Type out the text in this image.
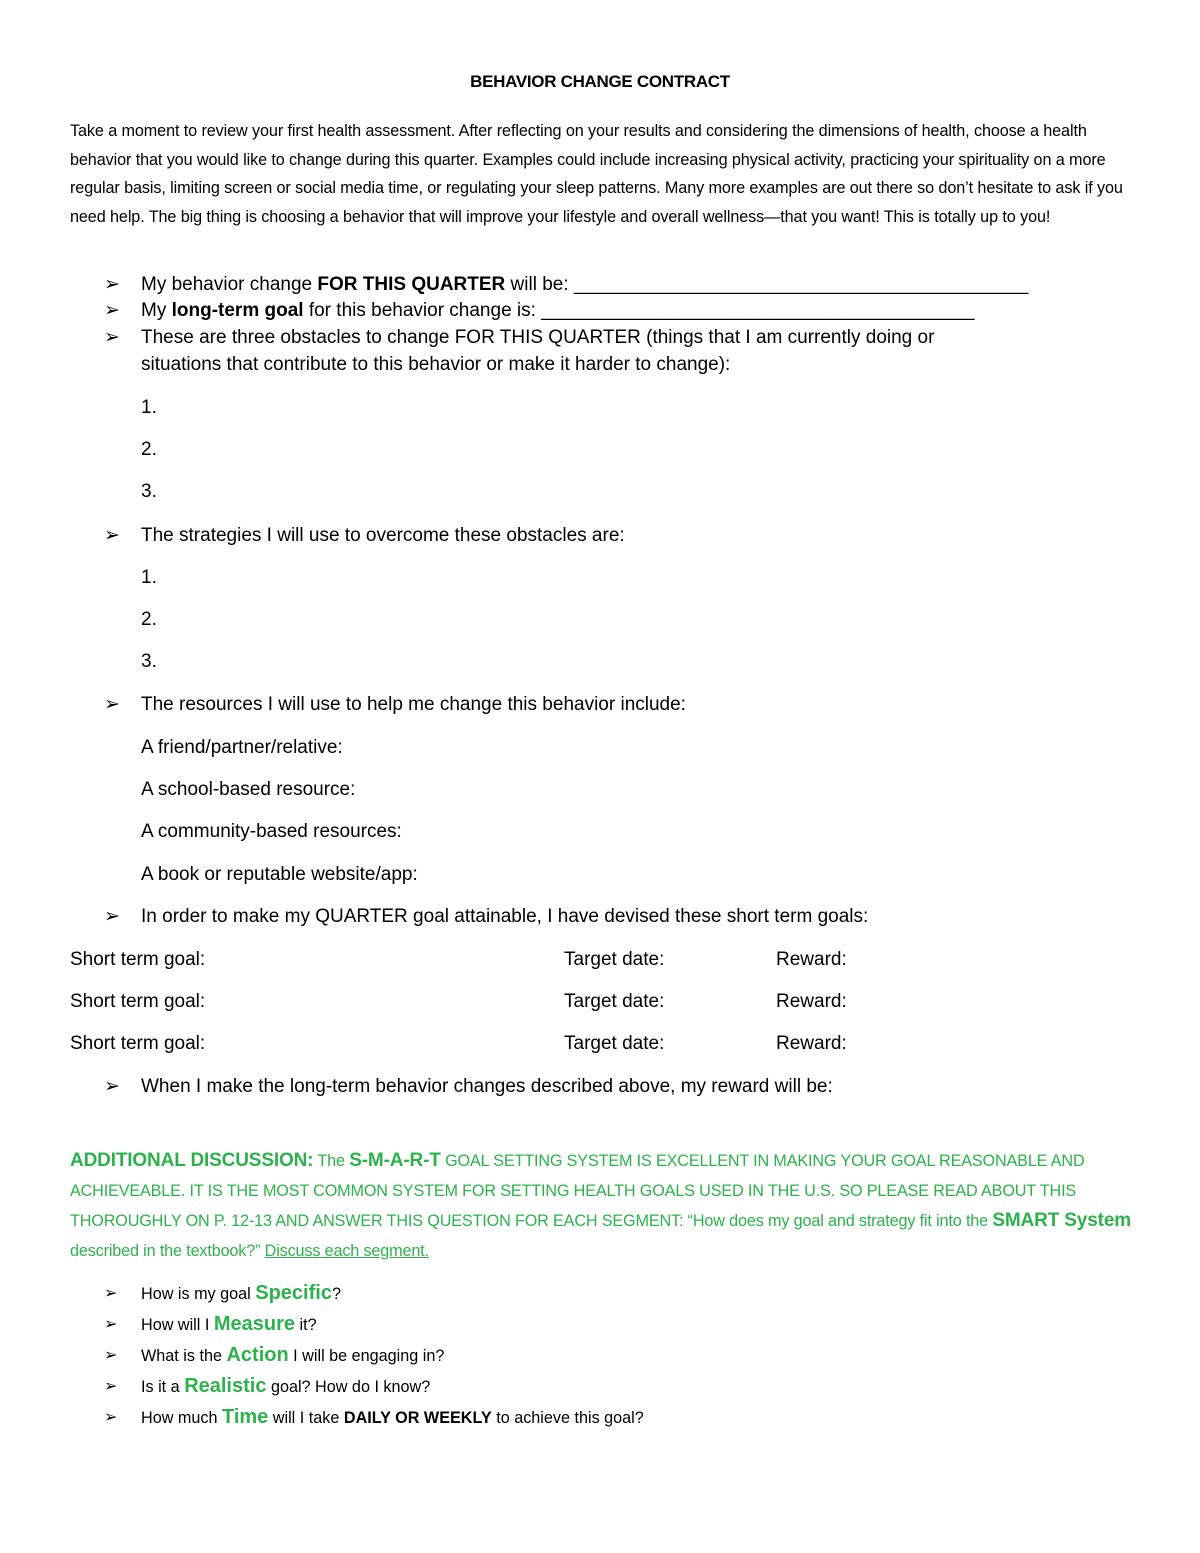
BEHAVIOR CHANGE CONTRACT
Take a moment to review your first health assessment. After reflecting on your results and considering the dimensions of health, choose a health behavior that you would like to change during this quarter. Examples could include increasing physical activity, practicing your spirituality on a more regular basis, limiting screen or social media time, or regulating your sleep patterns. Many more examples are out there so don’t hesitate to ask if you need help. The big thing is choosing a behavior that will improve your lifestyle and overall wellness—that you want! This is totally up to you!
➢ My behavior change FOR THIS QUARTER will be: ___________________________________________
➢ My long-term goal for this behavior change is: _________________________________________
➢ These are three obstacles to change FOR THIS QUARTER (things that I am currently doing or
situations that contribute to this behavior or make it harder to change):
1.
2.
3.
➢ The strategies I will use to overcome these obstacles are:
1.
2.
3.
➢ The resources I will use to help me change this behavior include:
A friend/partner/relative:
A school-based resource:
A community-based resources:
A book or reputable website/app:
➢ In order to make my QUARTER goal attainable, I have devised these short term goals:
Short term goal:	Target date:	Reward:
Short term goal:	Target date:	Reward:
Short term goal:	Target date:	Reward:
➢ When I make the long-term behavior changes described above, my reward will be:
ADDITIONAL DISCUSSION: The S-M-A-R-T GOAL SETTING SYSTEM IS EXCELLENT IN MAKING YOUR GOAL REASONABLE AND ACHIEVEABLE. IT IS THE MOST COMMON SYSTEM FOR SETTING HEALTH GOALS USED IN THE U.S. SO PLEASE READ ABOUT THIS THOROUGHLY ON P. 12-13 AND ANSWER THIS QUESTION FOR EACH SEGMENT: “How does my goal and strategy fit into the SMART System described in the textbook?” Discuss each segment.
➢ How is my goal Specific?
➢ How will I Measure it?
➢ What is the Action I will be engaging in?
➢ Is it a Realistic goal? How do I know?
➢ How much Time will I take DAILY OR WEEKLY to achieve this goal?
